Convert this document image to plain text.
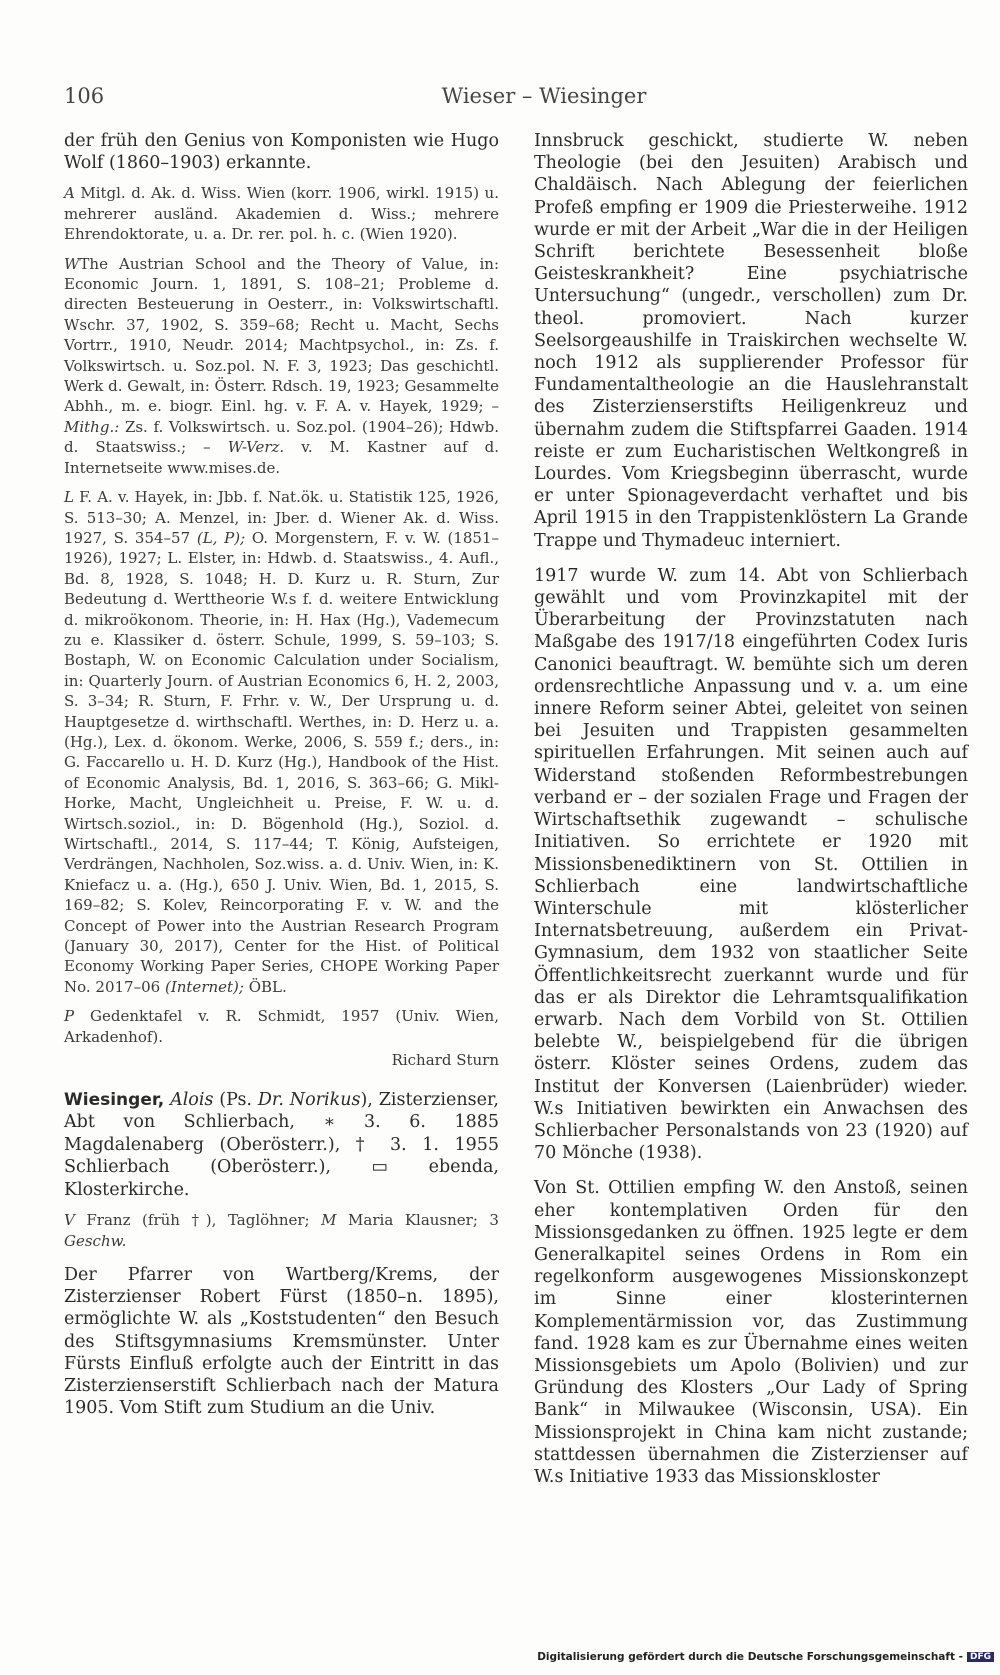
106	Wieser – Wiesinger

der früh den Genius von Komponisten wie Hugo Wolf (1860–1903) erkannte.

A Mitgl. d. Ak. d. Wiss. Wien (korr. 1906, wirkl. 1915) u. mehrerer ausländ. Akademien d. Wiss.; mehrere Ehrendoktorate, u. a. Dr. rer. pol. h. c. (Wien 1920).

WThe Austrian School and the Theory of Value, in: Economic Journ. 1, 1891, S. 108–21; Probleme d. directen Besteuerung in Oesterr., in: Volkswirtschaftl. Wschr. 37, 1902, S. 359–68; Recht u. Macht, Sechs Vortrr., 1910, Neudr. 2014; Machtpsychol., in: Zs. f. Volkswirtsch. u. Soz.pol. N. F. 3, 1923; Das geschichtl. Werk d. Gewalt, in: Österr. Rdsch. 19, 1923; Gesammelte Abhh., m. e. biogr. Einl. hg. v. F. A. v. Hayek, 1929; – Mithg.: Zs. f. Volkswirtsch. u. Soz.pol. (1904–26); Hdwb. d. Staatswiss.; – W-Verz. v. M. Kastner auf d. Internetseite www.mises.de.

L F. A. v. Hayek, in: Jbb. f. Nat.ök. u. Statistik 125, 1926, S. 513–30; A. Menzel, in: Jber. d. Wiener Ak. d. Wiss. 1927, S. 354–57 (L, P); O. Morgenstern, F. v. W. (1851–1926), 1927; L. Elster, in: Hdwb. d. Staatswiss., 4. Aufl., Bd. 8, 1928, S. 1048; H. D. Kurz u. R. Sturn, Zur Bedeutung d. Werttheorie W.s f. d. weitere Entwicklung d. mikroökonom. Theorie, in: H. Hax (Hg.), Vademecum zu e. Klassiker d. österr. Schule, 1999, S. 59–103; S. Bostaph, W. on Economic Calculation under Socialism, in: Quarterly Journ. of Austrian Economics 6, H. 2, 2003, S. 3–34; R. Sturn, F. Frhr. v. W., Der Ursprung u. d. Hauptgesetze d. wirthschaftl. Werthes, in: D. Herz u. a. (Hg.), Lex. d. ökonom. Werke, 2006, S. 559 f.; ders., in: G. Faccarello u. H. D. Kurz (Hg.), Handbook of the Hist. of Economic Analysis, Bd. 1, 2016, S. 363–66; G. Mikl-Horke, Macht, Ungleichheit u. Preise, F. W. u. d. Wirtsch.soziol., in: D. Bögenhold (Hg.), Soziol. d. Wirtschaftl., 2014, S. 117–44; T. König, Aufsteigen, Verdrängen, Nachholen, Soz.wiss. a. d. Univ. Wien, in: K. Kniefacz u. a. (Hg.), 650 J. Univ. Wien, Bd. 1, 2015, S. 169–82; S. Kolev, Reincorporating F. v. W. and the Concept of Power into the Austrian Research Program (January 30, 2017), Center for the Hist. of Political Economy Working Paper Series, CHOPE Working Paper No. 2017–06 (Internet); ÖBL.

P Gedenktafel v. R. Schmidt, 1957 (Univ. Wien, Arkadenhof).

Richard Sturn

Wiesinger, Alois (Ps. Dr. Norikus), Zisterzienser, Abt von Schlierbach, ∗ 3. 6. 1885 Magdalenaberg (Oberösterr.), † 3. 1. 1955 Schlierbach (Oberösterr.), ▭ ebenda, Klosterkirche.

V Franz (früh †), Taglöhner; M Maria Klausner; 3 Geschw.

Der Pfarrer von Wartberg/Krems, der Zisterzienser Robert Fürst (1850–n. 1895), ermöglichte W. als „Koststudenten“ den Besuch des Stiftsgymnasiums Kremsmünster. Unter Fürsts Einfluß erfolgte auch der Eintritt in das Zisterzienserstift Schlierbach nach der Matura 1905. Vom Stift zum Studium an die Univ.

Innsbruck geschickt, studierte W. neben Theologie (bei den Jesuiten) Arabisch und Chaldäisch. Nach Ablegung der feierlichen Profeß empfing er 1909 die Priesterweihe. 1912 wurde er mit der Arbeit „War die in der Heiligen Schrift berichtete Besessenheit bloße Geisteskrankheit? Eine psychiatrische Untersuchung“ (ungedr., verschollen) zum Dr. theol. promoviert. Nach kurzer Seelsorgeaushilfe in Traiskirchen wechselte W. noch 1912 als supplierender Professor für Fundamentaltheologie an die Hauslehranstalt des Zisterzienserstifts Heiligenkreuz und übernahm zudem die Stiftspfarrei Gaaden. 1914 reiste er zum Eucharistischen Weltkongreß in Lourdes. Vom Kriegsbeginn überrascht, wurde er unter Spionageverdacht verhaftet und bis April 1915 in den Trappistenklöstern La Grande Trappe und Thymadeuc interniert.

1917 wurde W. zum 14. Abt von Schlierbach gewählt und vom Provinzkapitel mit der Überarbeitung der Provinzstatuten nach Maßgabe des 1917/18 eingeführten Codex Iuris Canonici beauftragt. W. bemühte sich um deren ordensrechtliche Anpassung und v. a. um eine innere Reform seiner Abtei, geleitet von seinen bei Jesuiten und Trappisten gesammelten spirituellen Erfahrungen. Mit seinen auch auf Widerstand stoßenden Reformbestrebungen verband er – der sozialen Frage und Fragen der Wirtschaftsethik zugewandt – schulische Initiativen. So errichtete er 1920 mit Missionsbenediktinern von St. Ottilien in Schlierbach eine landwirtschaftliche Winterschule mit klösterlicher Internatsbetreuung, außerdem ein Privat-Gymnasium, dem 1932 von staatlicher Seite Öffentlichkeitsrecht zuerkannt wurde und für das er als Direktor die Lehramtsqualifikation erwarb. Nach dem Vorbild von St. Ottilien belebte W., beispielgebend für die übrigen österr. Klöster seines Ordens, zudem das Institut der Konversen (Laienbrüder) wieder. W.s Initiativen bewirkten ein Anwachsen des Schlierbacher Personalstands von 23 (1920) auf 70 Mönche (1938).

Von St. Ottilien empfing W. den Anstoß, seinen eher kontemplativen Orden für den Missionsgedanken zu öffnen. 1925 legte er dem Generalkapitel seines Ordens in Rom ein regelkonform ausgewogenes Missionskonzept im Sinne einer klosterinternen Komplementärmission vor, das Zustimmung fand. 1928 kam es zur Übernahme eines weiten Missionsgebiets um Apolo (Bolivien) und zur Gründung des Klosters „Our Lady of Spring Bank“ in Milwaukee (Wisconsin, USA). Ein Missionsprojekt in China kam nicht zustande; stattdessen übernahmen die Zisterzienser auf W.s Initiative 1933 das Missionskloster

Digitalisierung gefördert durch die Deutsche Forschungsgemeinschaft - DFG
